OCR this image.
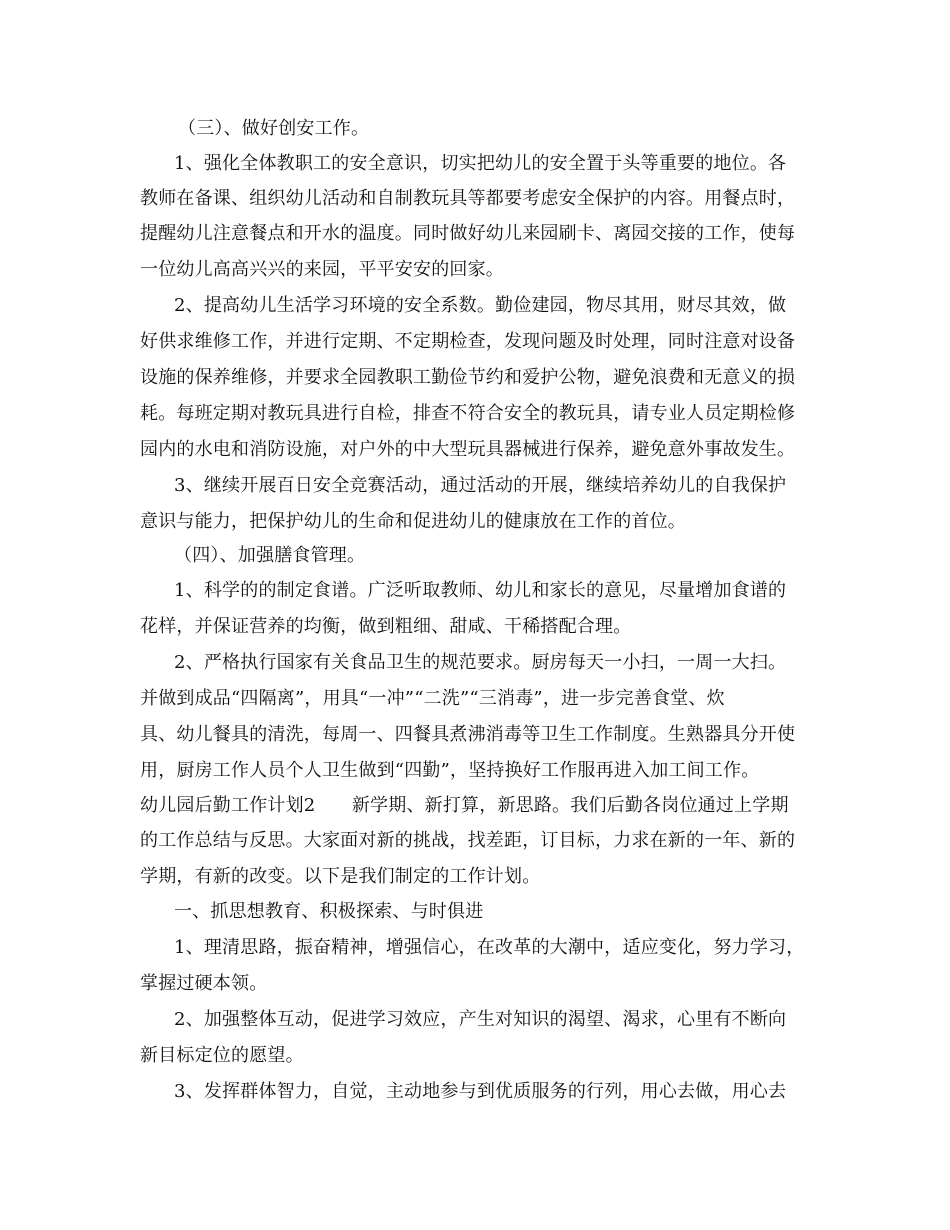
（三）、做好创安工作。
1、强化全体教职工的安全意识，切实把幼儿的安全置于头等重要的地位。各
教师在备课、组织幼儿活动和自制教玩具等都要考虑安全保护的内容。用餐点时，
提醒幼儿注意餐点和开水的温度。同时做好幼儿来园刷卡、离园交接的工作，使每
一位幼儿高高兴兴的来园，平平安安的回家。
2、提高幼儿生活学习环境的安全系数。勤俭建园，物尽其用，财尽其效，做
好供求维修工作，并进行定期、不定期检查，发现问题及时处理，同时注意对设备
设施的保养维修，并要求全园教职工勤俭节约和爱护公物，避免浪费和无意义的损
耗。每班定期对教玩具进行自检，排查不符合安全的教玩具，请专业人员定期检修
园内的水电和消防设施，对户外的中大型玩具器械进行保养，避免意外事故发生。
3、继续开展百日安全竞赛活动，通过活动的开展，继续培养幼儿的自我保护
意识与能力，把保护幼儿的生命和促进幼儿的健康放在工作的首位。
（四）、加强膳食管理。
1、科学的的制定食谱。广泛听取教师、幼儿和家长的意见，尽量增加食谱的
花样，并保证营养的均衡，做到粗细、甜咸、干稀搭配合理。
2、严格执行国家有关食品卫生的规范要求。厨房每天一小扫，一周一大扫。
并做到成品“四隔离”，用具“一冲”“二洗”“三消毒”，进一步完善食堂、炊
具、幼儿餐具的清洗，每周一、四餐具煮沸消毒等卫生工作制度。生熟器具分开使
用，厨房工作人员个人卫生做到“四勤”，坚持换好工作服再进入加工间工作。
幼儿园后勤工作计划2　　新学期、新打算，新思路。我们后勤各岗位通过上学期
的工作总结与反思。大家面对新的挑战，找差距，订目标，力求在新的一年、新的
学期，有新的改变。以下是我们制定的工作计划。
一、抓思想教育、积极探索、与时俱进
1、理清思路，振奋精神，增强信心，在改革的大潮中，适应变化，努力学习，
掌握过硬本领。
2、加强整体互动，促进学习效应，产生对知识的渴望、渴求，心里有不断向
新目标定位的愿望。
3、发挥群体智力，自觉，主动地参与到优质服务的行列，用心去做，用心去
